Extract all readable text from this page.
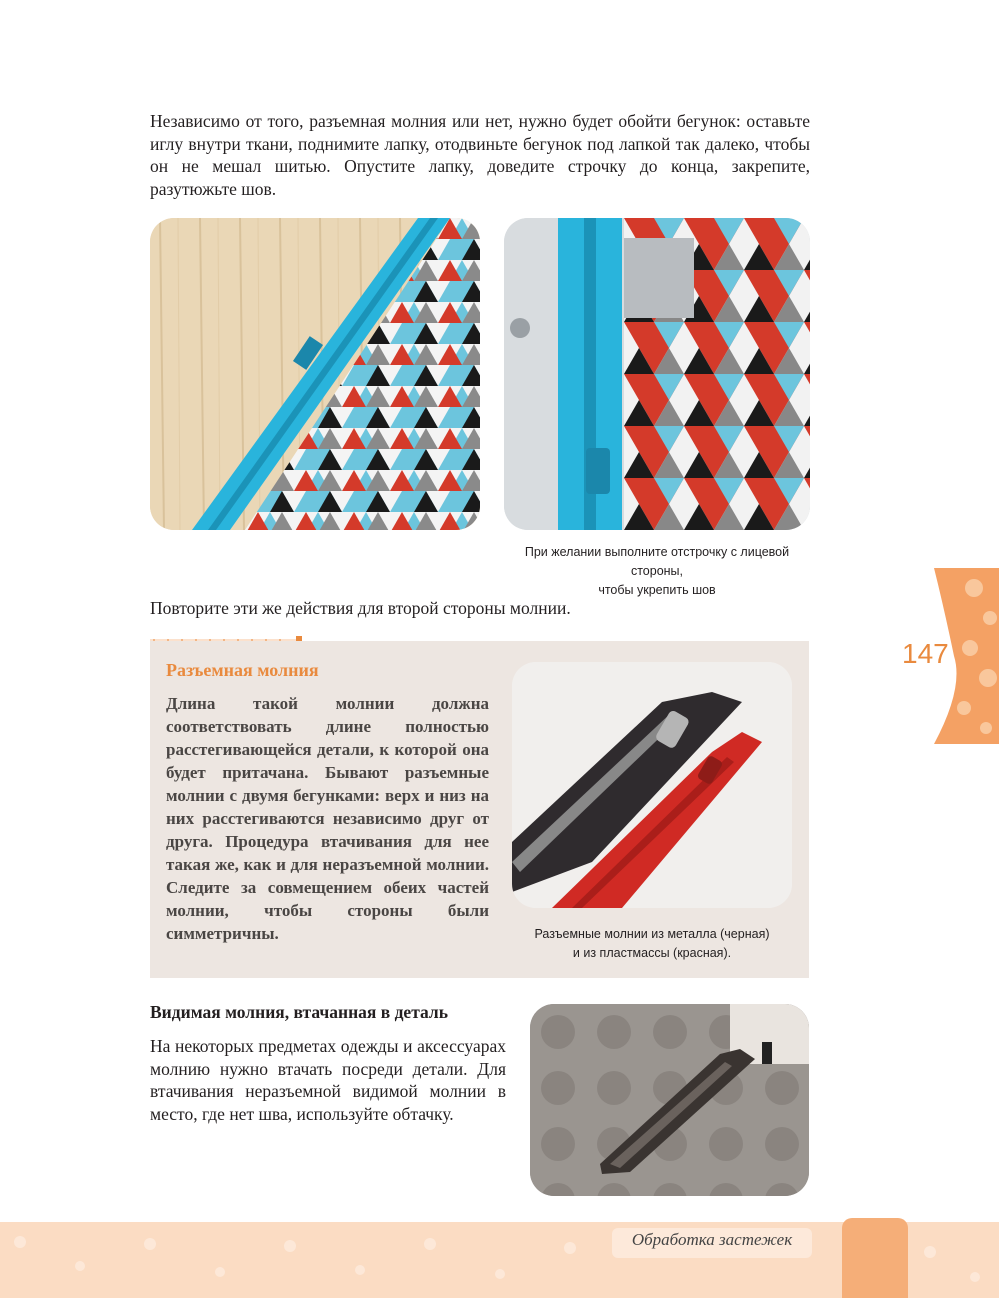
Независимо от того, разъемная молния или нет, нужно будет обойти бегунок: оставьте иглу внутри ткани, поднимите лапку, отодвиньте бегунок под лапкой так далеко, чтобы он не мешал шитью. Опустите лапку, доведите строчку до конца, закрепите, разутюжьте шов.

При желании выполните отстрочку с лицевой стороны,
чтобы укрепить шов

Повторите эти же действия для второй стороны молнии.

Разъемная молния

Длина такой молнии должна соответствовать длине полностью расстегивающейся детали, к которой она будет притачана. Бывают разъемные молнии с двумя бегунками: верх и низ на них расстегиваются независимо друг от друга. Процедура втачивания для нее такая же, как и для неразъемной молнии. Следите за совмещением обеих частей молнии, чтобы стороны были симметричны.	Разъемные молнии из металла (черная)
и из пластмассы (красная).
Видимая молния, втачанная в деталь

На некоторых предметах одежды и аксессуарах молнию нужно втачать посреди детали. Для втачивания неразъемной видимой молнии в место, где нет шва, используйте обтачку.

147
Обработка застежек
